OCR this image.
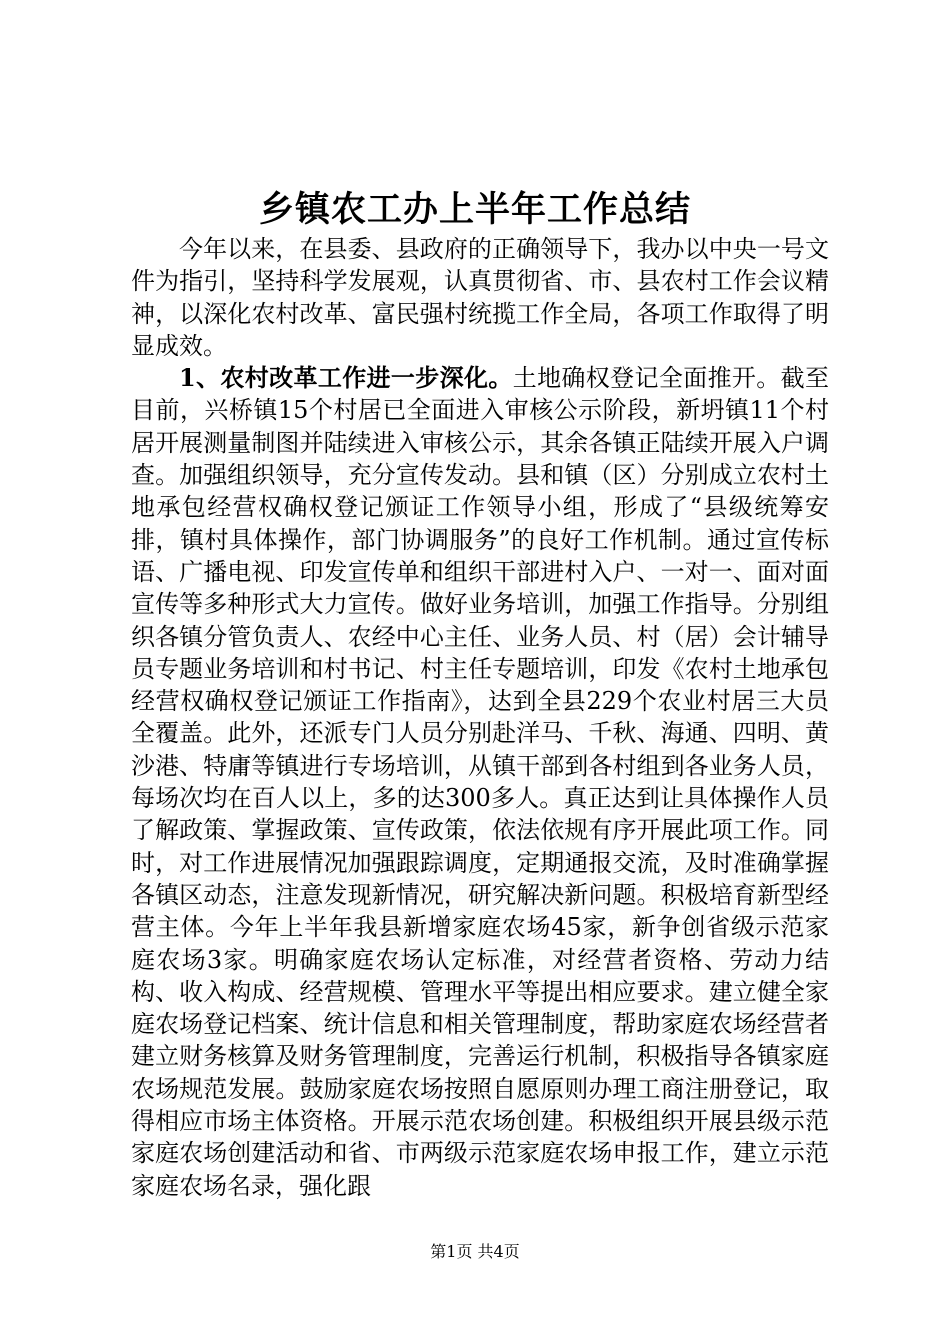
乡镇农工办上半年工作总结

今年以来，在县委、县政府的正确领导下，我办以中央一号文件为指引，坚持科学发展观，认真贯彻省、市、县农村工作会议精神，以深化农村改革、富民强村统揽工作全局，各项工作取得了明显成效。

1、农村改革工作进一步深化。土地确权登记全面推开。截至目前，兴桥镇15个村居已全面进入审核公示阶段，新坍镇11个村居开展测量制图并陆续进入审核公示，其余各镇正陆续开展入户调查。加强组织领导，充分宣传发动。县和镇（区）分别成立农村土地承包经营权确权登记颁证工作领导小组，形成了“县级统筹安排，镇村具体操作，部门协调服务”的良好工作机制。通过宣传标语、广播电视、印发宣传单和组织干部进村入户、一对一、面对面宣传等多种形式大力宣传。做好业务培训，加强工作指导。分别组织各镇分管负责人、农经中心主任、业务人员、村（居）会计辅导员专题业务培训和村书记、村主任专题培训，印发《农村土地承包经营权确权登记颁证工作指南》，达到全县229个农业村居三大员全覆盖。此外，还派专门人员分别赴洋马、千秋、海通、四明、黄沙港、特庸等镇进行专场培训，从镇干部到各村组到各业务人员，每场次均在百人以上，多的达300多人。真正达到让具体操作人员了解政策、掌握政策、宣传政策，依法依规有序开展此项工作。同时，对工作进展情况加强跟踪调度，定期通报交流，及时准确掌握各镇区动态，注意发现新情况，研究解决新问题。积极培育新型经营主体。今年上半年我县新增家庭农场45家，新争创省级示范家庭农场3家。明确家庭农场认定标准，对经营者资格、劳动力结构、收入构成、经营规模、管理水平等提出相应要求。建立健全家庭农场登记档案、统计信息和相关管理制度，帮助家庭农场经营者建立财务核算及财务管理制度，完善运行机制，积极指导各镇家庭农场规范发展。鼓励家庭农场按照自愿原则办理工商注册登记，取得相应市场主体资格。开展示范农场创建。积极组织开展县级示范家庭农场创建活动和省、市两级示范家庭农场申报工作，建立示范家庭农场名录，强化跟

第1页 共4页
